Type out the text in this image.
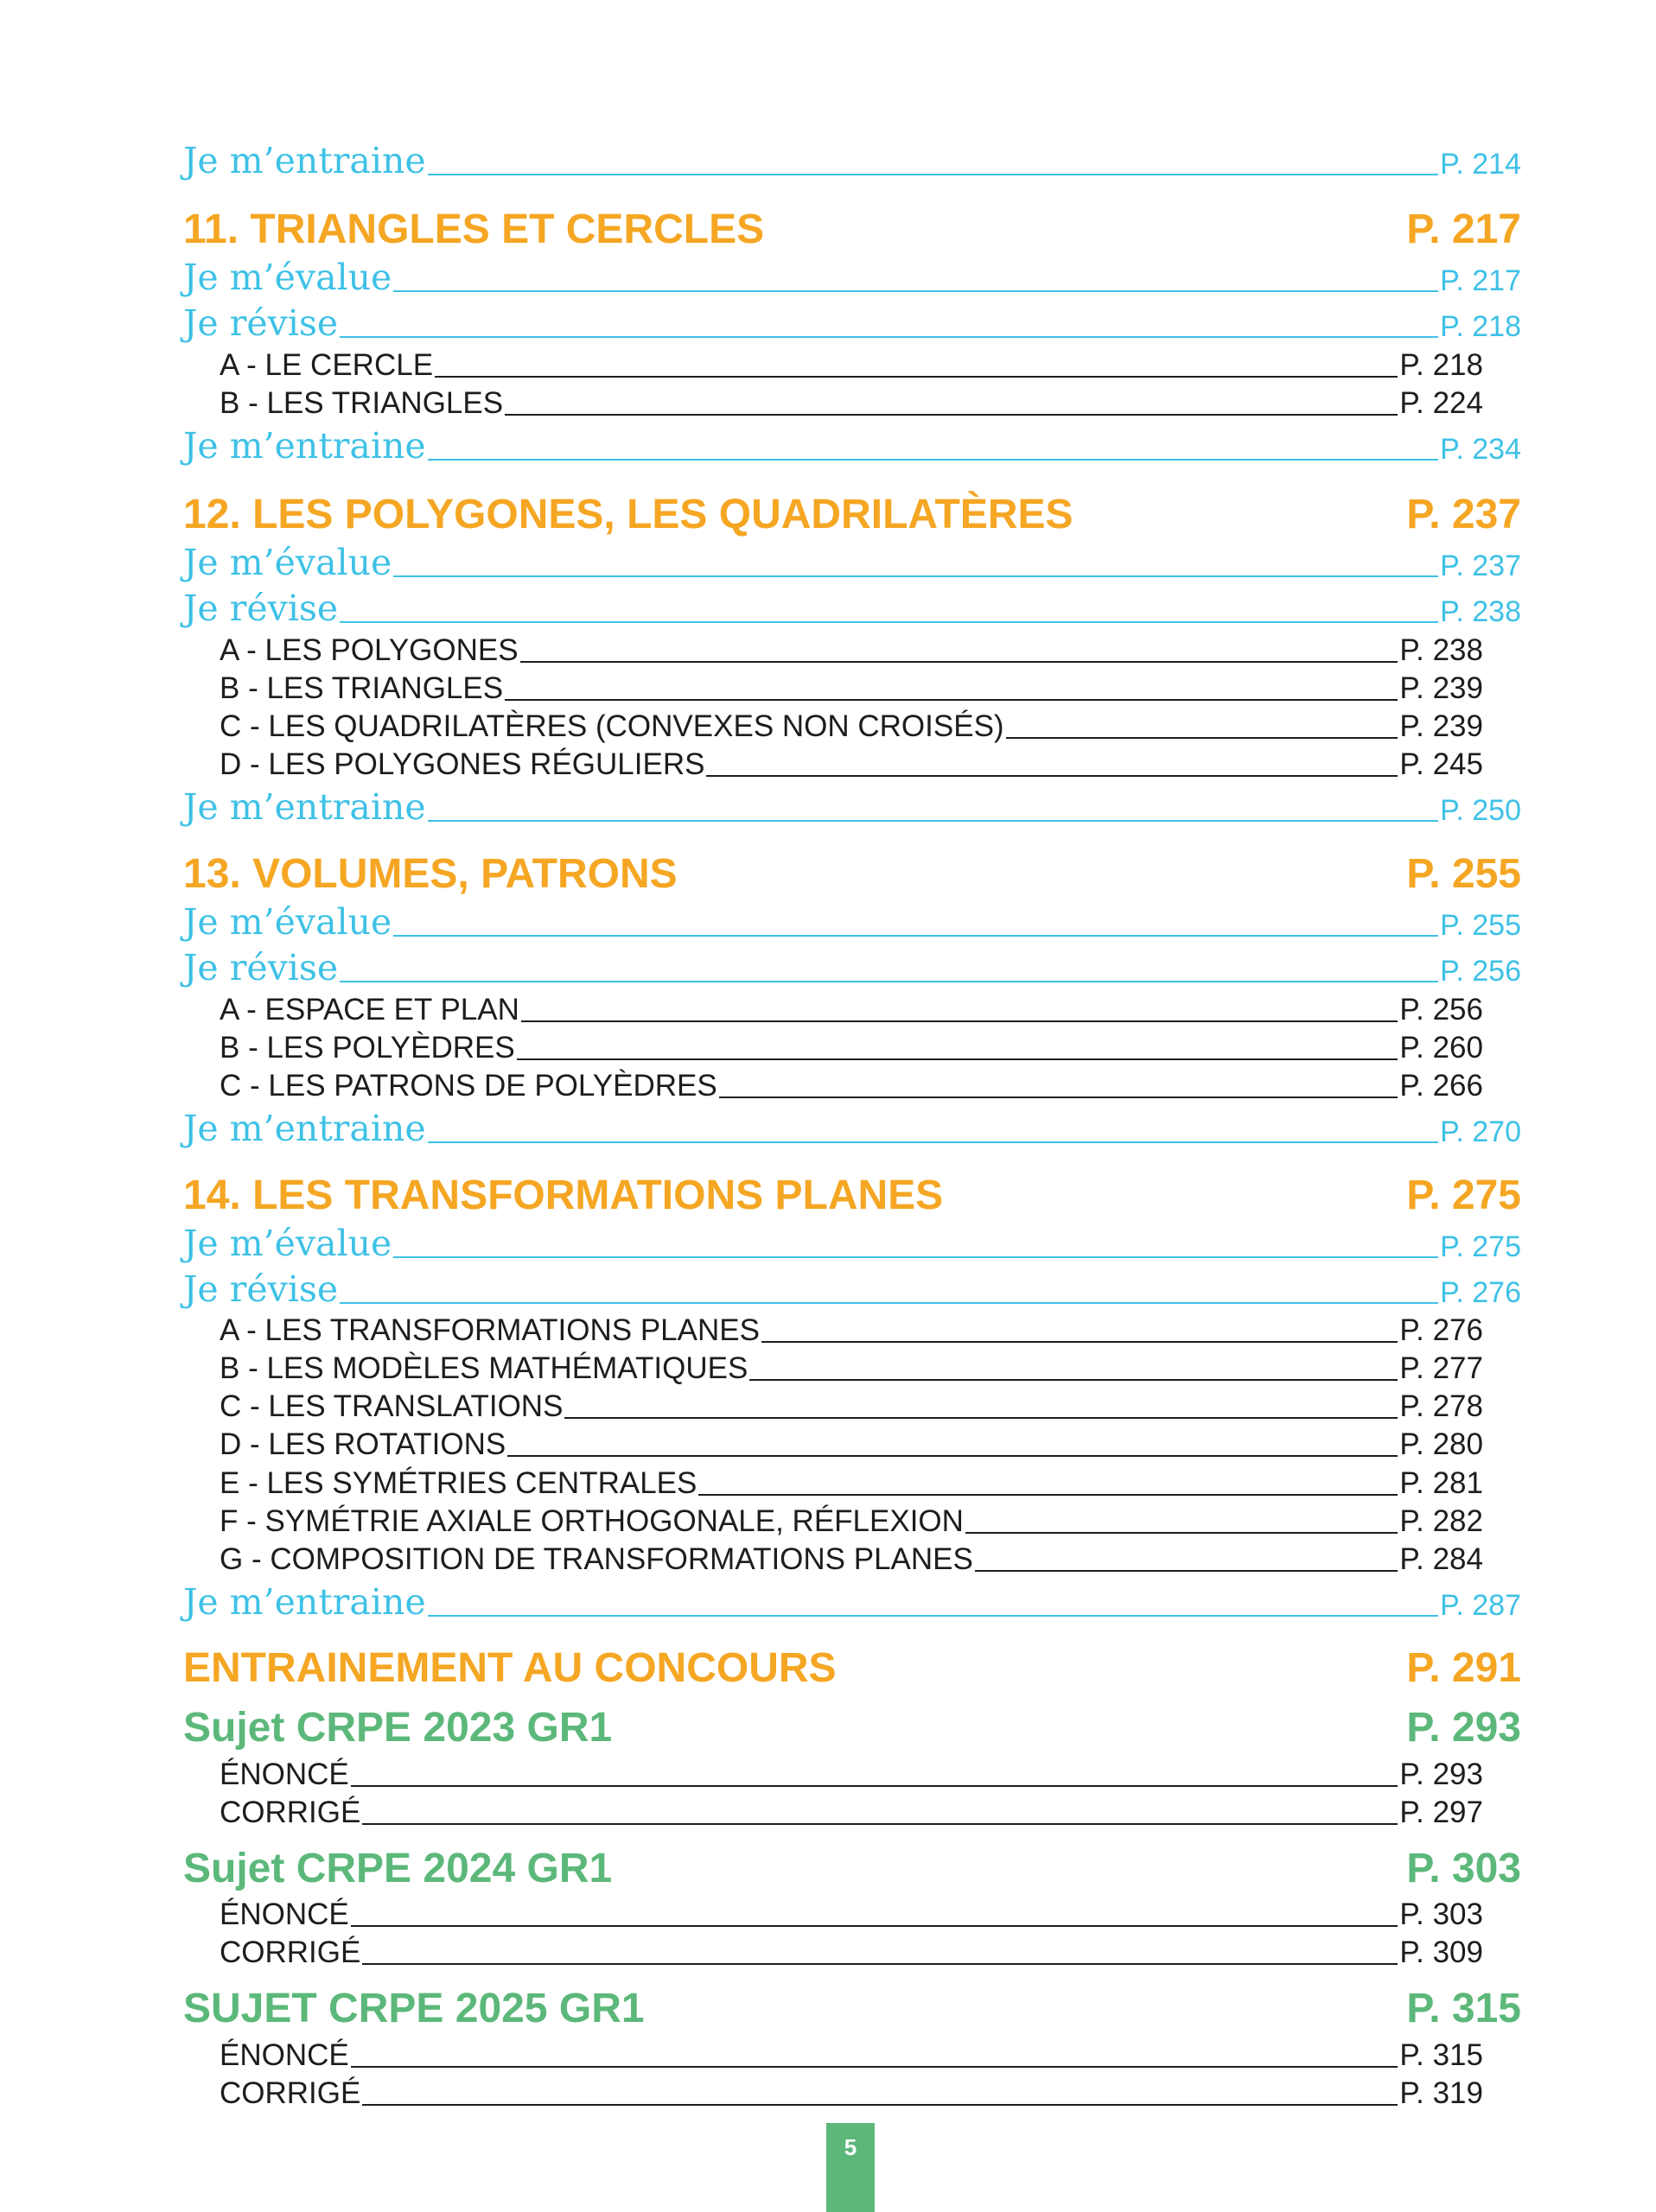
Je m’entraine	P. 214
11. TRIANGLES ET CERCLES	P. 217
Je m’évalue	P. 217
Je révise	P. 218
A - LE CERCLE	P. 218
B - LES TRIANGLES	P. 224
Je m’entraine	P. 234
12. LES POLYGONES, LES QUADRILATÈRES	P. 237
Je m’évalue	P. 237
Je révise	P. 238
A - LES POLYGONES	P. 238
B - LES TRIANGLES	P. 239
C - LES QUADRILATÈRES (CONVEXES NON CROISÉS)	P. 239
D - LES POLYGONES RÉGULIERS	P. 245
Je m’entraine	P. 250
13. VOLUMES, PATRONS	P. 255
Je m’évalue	P. 255
Je révise	P. 256
A - ESPACE ET PLAN	P. 256
B - LES POLYÈDRES	P. 260
C - LES PATRONS DE POLYÈDRES	P. 266
Je m’entraine	P. 270
14. LES TRANSFORMATIONS PLANES	P. 275
Je m’évalue	P. 275
Je révise	P. 276
A - LES TRANSFORMATIONS PLANES	P. 276
B - LES MODÈLES MATHÉMATIQUES	P. 277
C - LES TRANSLATIONS	P. 278
D - LES ROTATIONS	P. 280
E - LES SYMÉTRIES CENTRALES	P. 281
F - SYMÉTRIE AXIALE ORTHOGONALE, RÉFLEXION	P. 282
G - COMPOSITION DE TRANSFORMATIONS PLANES	P. 284
Je m’entraine	P. 287
ENTRAINEMENT AU CONCOURS	P. 291
Sujet CRPE 2023 GR1	P. 293
ÉNONCÉ	P. 293
CORRIGÉ	P. 297
Sujet CRPE 2024 GR1	P. 303
ÉNONCÉ	P. 303
CORRIGÉ	P. 309
SUJET CRPE 2025 GR1	P. 315
ÉNONCÉ	P. 315
CORRIGÉ	P. 319
5
